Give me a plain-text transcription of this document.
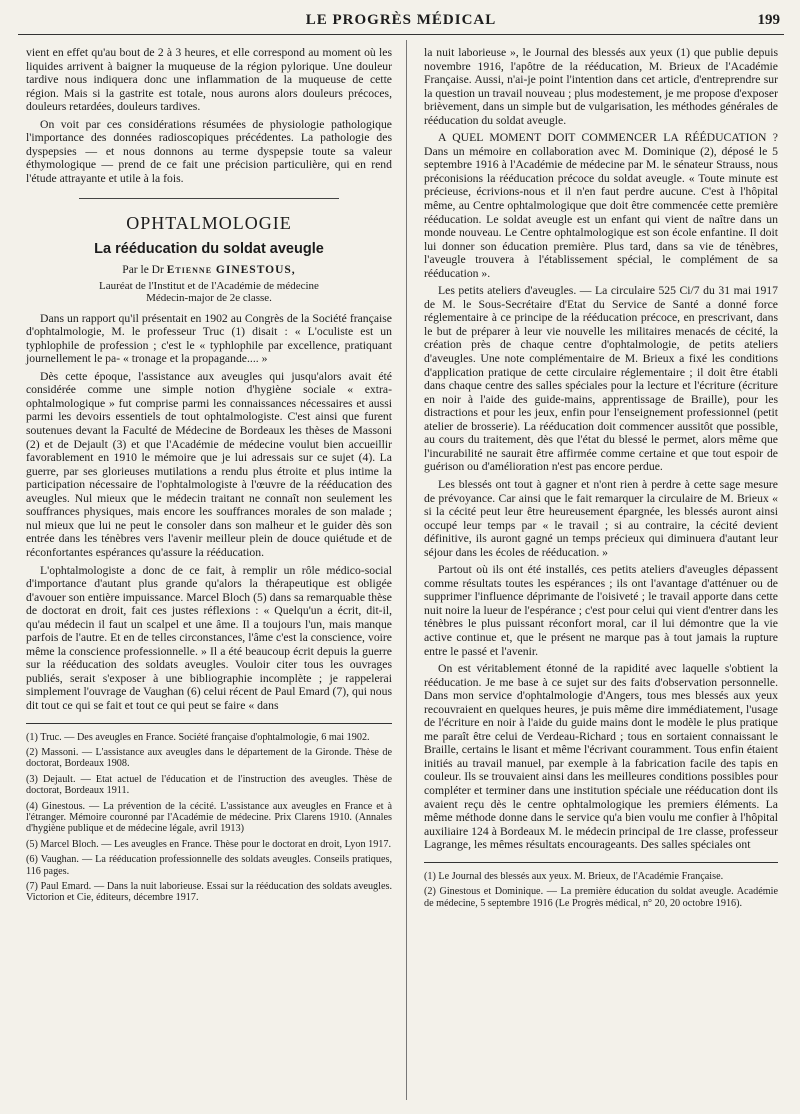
LE PROGRÈS MÉDICAL	199

vient en effet qu'au bout de 2 à 3 heures, et elle correspond au moment où les liquides arrivent à baigner la muqueuse de la région pylorique. Une douleur tardive nous indiquera donc une inflammation de la muqueuse de cette région. Mais si la gastrite est totale, nous aurons alors douleurs précoces, douleurs retardées, douleurs tardives.

On voit par ces considérations résumées de physiologie pathologique l'importance des données radioscopiques précédentes. La pathologie des dyspepsies — et nous donnons au terme dyspepsie toute sa valeur éthymologique — prend de ce fait une précision particulière, qui en rend l'étude attrayante et utile à la fois.

OPHTALMOLOGIE
La rééducation du soldat aveugle
Par le Dr Etienne GINESTOUS,
Lauréat de l'Institut et de l'Académie de médecine
Médecin-major de 2e classe.

Dans un rapport qu'il présentait en 1902 au Congrès de la Société française d'ophtalmologie, M. le professeur Truc (1) disait : « L'oculiste est un typhlophile de profession ; c'est le « typhlophile par excellence, pratiquant journellement le pa- « tronage et la propagande.... »

Dès cette époque, l'assistance aux aveugles qui jusqu'alors avait été considérée comme une simple notion d'hygiène sociale « extra-ophtalmologique » fut comprise parmi les connaissances nécessaires et aussi parmi les devoirs essentiels de tout ophtalmologiste. C'est ainsi que furent soutenues devant la Faculté de Médecine de Bordeaux les thèses de Massoni (2) et de Dejault (3) et que l'Académie de médecine voulut bien accueillir favorablement en 1910 le mémoire que je lui adressais sur ce sujet (4). La guerre, par ses glorieuses mutilations a rendu plus étroite et plus intime la participation nécessaire de l'ophtalmologiste à l'œuvre de la rééducation des aveugles. Nul mieux que le médecin traitant ne connaît non seulement les souffrances physiques, mais encore les souffrances morales de son malade ; nul mieux que lui ne peut le consoler dans son malheur et le guider dès son entrée dans les ténèbres vers l'avenir meilleur plein de douce quiétude et de réconfortantes espérances qu'assure la rééducation.

L'ophtalmologiste a donc de ce fait, à remplir un rôle médico-social d'importance d'autant plus grande qu'alors la thérapeutique est obligée d'avouer son entière impuissance. Marcel Bloch (5) dans sa remarquable thèse de doctorat en droit, fait ces justes réflexions : « Quelqu'un a écrit, dit-il, qu'au médecin il faut un scalpel et une âme. Il a toujours l'un, mais manque parfois de l'autre. Et en de telles circonstances, l'âme c'est la conscience, voire même la conscience professionnelle. » Il a été beaucoup écrit depuis la guerre sur la rééducation des soldats aveugles. Vouloir citer tous les ouvrages publiés, serait s'exposer à une bibliographie incomplète ; je rappelerai simplement l'ouvrage de Vaughan (6) celui récent de Paul Emard (7), qui nous dit tout ce qui se fait et tout ce qui peut se faire « dans

(1) Truc. — Des aveugles en France. Société française d'ophtalmologie, 6 mai 1902.

(2) Massoni. — L'assistance aux aveugles dans le département de la Gironde. Thèse de doctorat, Bordeaux 1908.

(3) Dejault. — Etat actuel de l'éducation et de l'instruction des aveugles. Thèse de doctorat, Bordeaux 1911.

(4) Ginestous. — La prévention de la cécité. L'assistance aux aveugles en France et à l'étranger. Mémoire couronné par l'Académie de médecine. Prix Clarens 1910. (Annales d'hygiène publique et de médecine légale, avril 1913)

(5) Marcel Bloch. — Les aveugles en France. Thèse pour le doctorat en droit, Lyon 1917.

(6) Vaughan. — La rééducation professionnelle des soldats aveugles. Conseils pratiques, 116 pages.

(7) Paul Emard. — Dans la nuit laborieuse. Essai sur la rééducation des soldats aveugles. Victorion et Cie, éditeurs, décembre 1917.

la nuit laborieuse », le Journal des blessés aux yeux (1) que publie depuis novembre 1916, l'apôtre de la rééducation, M. Brieux de l'Académie Française. Aussi, n'ai-je point l'intention dans cet article, d'entreprendre sur la question un travail nouveau ; plus modestement, je me propose d'exposer brièvement, dans un simple but de vulgarisation, les méthodes générales de rééducation du soldat aveugle.

A QUEL MOMENT DOIT COMMENCER LA RÉÉDUCATION ? Dans un mémoire en collaboration avec M. Dominique (2), déposé le 5 septembre 1916 à l'Académie de médecine par M. le sénateur Strauss, nous préconisions la rééducation précoce du soldat aveugle. « Toute minute est précieuse, écrivions-nous et il n'en faut perdre aucune. C'est à l'hôpital même, au Centre ophtalmologique que doit être commencée cette première rééducation. Le soldat aveugle est un enfant qui vient de naître dans un monde nouveau. Le Centre ophtalmologique est son école enfantine. Il doit lui donner son éducation première. Plus tard, dans sa vie de ténèbres, l'aveugle trouvera à l'établissement spécial, le complément de sa rééducation ».

Les petits ateliers d'aveugles. — La circulaire 525 Ci/7 du 31 mai 1917 de M. le Sous-Secrétaire d'Etat du Service de Santé a donné force réglementaire à ce principe de la rééducation précoce, en prescrivant, dans le but de préparer à leur vie nouvelle les militaires menacés de cécité, la création près de chaque centre d'ophtalmologie, de petits ateliers d'aveugles. Une note complémentaire de M. Brieux a fixé les conditions d'application pratique de cette circulaire réglementaire ; il doit être établi dans chaque centre des salles spéciales pour la lecture et l'écriture (écriture en noir à l'aide des guide-mains, apprentissage de Braille), pour les distractions et pour les jeux, enfin pour l'enseignement professionnel (petit atelier de brosserie). La rééducation doit commencer aussitôt que possible, au cours du traitement, dès que l'état du blessé le permet, alors même que l'incurabilité ne saurait être affirmée comme certaine et que tout espoir de guérison ou d'amélioration n'est pas encore perdue.

Les blessés ont tout à gagner et n'ont rien à perdre à cette sage mesure de prévoyance. Car ainsi que le fait remarquer la circulaire de M. Brieux « si la cécité peut leur être heureusement épargnée, les blessés auront ainsi occupé leur temps par « le travail ; si au contraire, la cécité devient définitive, ils auront gagné un temps précieux qui diminuera d'autant leur séjour dans les écoles de rééducation. »

Partout où ils ont été installés, ces petits ateliers d'aveugles dépassent comme résultats toutes les espérances ; ils ont l'avantage d'atténuer ou de supprimer l'influence déprimante de l'oisiveté ; le travail apporte dans cette nuit noire la lueur de l'espérance ; c'est pour celui qui vient d'entrer dans les ténèbres le plus puissant réconfort moral, car il lui démontre que la vie active continue et, que le présent ne marque pas à tout jamais la rupture entre le passé et l'avenir.

On est véritablement étonné de la rapidité avec laquelle s'obtient la rééducation. Je me base à ce sujet sur des faits d'observation personnelle. Dans mon service d'ophtalmologie d'Angers, tous mes blessés aux yeux recouvraient en quelques heures, je puis même dire immédiatement, l'usage de l'écriture en noir à l'aide du guide mains dont le modèle le plus pratique me paraît être celui de Verdeau-Richard ; tous en sortaient connaissant le Braille, certains le lisant et même l'écrivant couramment. Tous enfin étaient initiés au travail manuel, par exemple à la fabrication facile des tapis en couleur. Ils se trouvaient ainsi dans les meilleures conditions possibles pour compléter et terminer dans une institution spéciale une rééducation dont ils avaient reçu dès le centre ophtalmologique les premiers éléments. La même méthode donne dans le service qu'a bien voulu me confier à l'hôpital auxiliaire 124 à Bordeaux M. le médecin principal de 1re classe, professeur Lagrange, les mêmes résultats encourageants. Des salles spéciales ont

(1) Le Journal des blessés aux yeux. M. Brieux, de l'Académie Française.

(2) Ginestous et Dominique. — La première éducation du soldat aveugle. Académie de médecine, 5 septembre 1916 (Le Progrès médical, n° 20, 20 octobre 1916).
